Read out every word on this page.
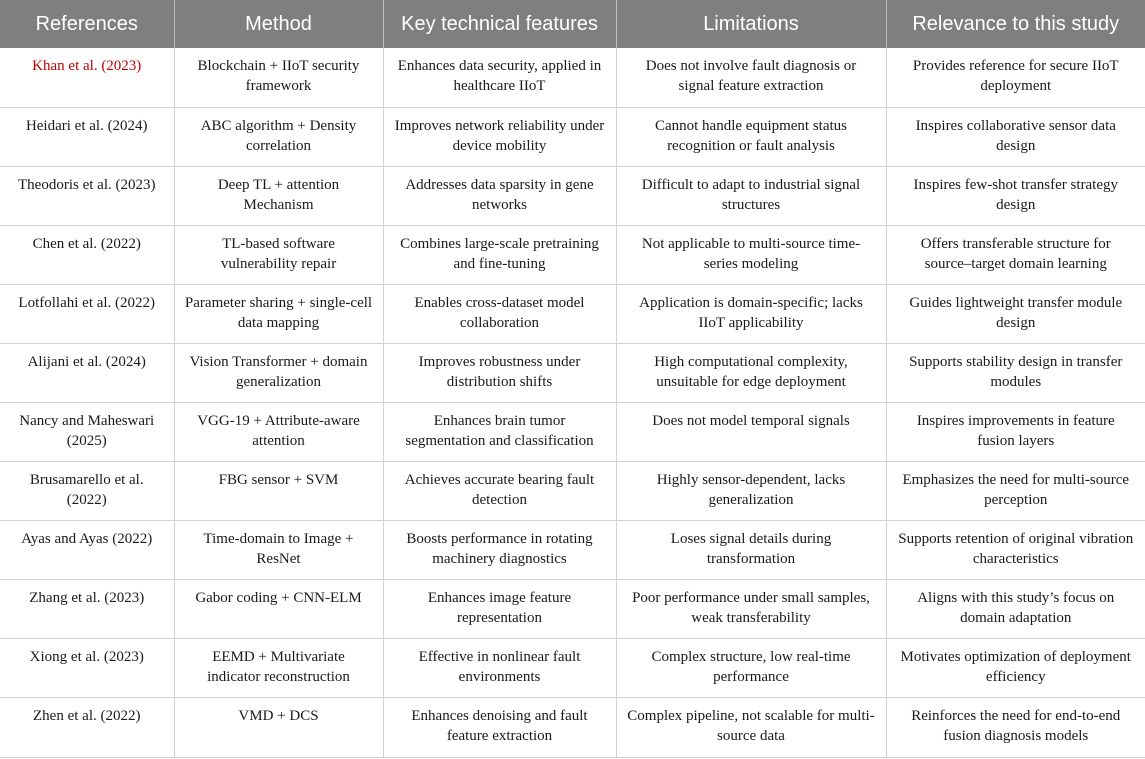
References	Method	Key technical features	Limitations	Relevance to this study
Khan et al. (2023)	Blockchain + IIoT security framework	Enhances data security, applied in healthcare IIoT	Does not involve fault diagnosis or signal feature extraction	Provides reference for secure IIoT deployment
Heidari et al. (2024)	ABC algorithm + Density correlation	Improves network reliability under device mobility	Cannot handle equipment status recognition or fault analysis	Inspires collaborative sensor data design
Theodoris et al. (2023)	Deep TL + attention Mechanism	Addresses data sparsity in gene networks	Difficult to adapt to industrial signal structures	Inspires few-shot transfer strategy design
Chen et al. (2022)	TL-based software vulnerability repair	Combines large-scale pretraining and fine-tuning	Not applicable to multi-source time-series modeling	Offers transferable structure for source–target domain learning
Lotfollahi et al. (2022)	Parameter sharing + single-cell data mapping	Enables cross-dataset model collaboration	Application is domain-specific; lacks IIoT applicability	Guides lightweight transfer module design
Alijani et al. (2024)	Vision Transformer + domain generalization	Improves robustness under distribution shifts	High computational complexity, unsuitable for edge deployment	Supports stability design in transfer modules
Nancy and Maheswari (2025)	VGG-19 + Attribute-aware attention	Enhances brain tumor segmentation and classification	Does not model temporal signals	Inspires improvements in feature fusion layers
Brusamarello et al. (2022)	FBG sensor + SVM	Achieves accurate bearing fault detection	Highly sensor-dependent, lacks generalization	Emphasizes the need for multi-source perception
Ayas and Ayas (2022)	Time-domain to Image + ResNet	Boosts performance in rotating machinery diagnostics	Loses signal details during transformation	Supports retention of original vibration characteristics
Zhang et al. (2023)	Gabor coding + CNN-ELM	Enhances image feature representation	Poor performance under small samples, weak transferability	Aligns with this study’s focus on domain adaptation
Xiong et al. (2023)	EEMD + Multivariate indicator reconstruction	Effective in nonlinear fault environments	Complex structure, low real-time performance	Motivates optimization of deployment efficiency
Zhen et al. (2022)	VMD + DCS	Enhances denoising and fault feature extraction	Complex pipeline, not scalable for multi-source data	Reinforces the need for end-to-end fusion diagnosis models
